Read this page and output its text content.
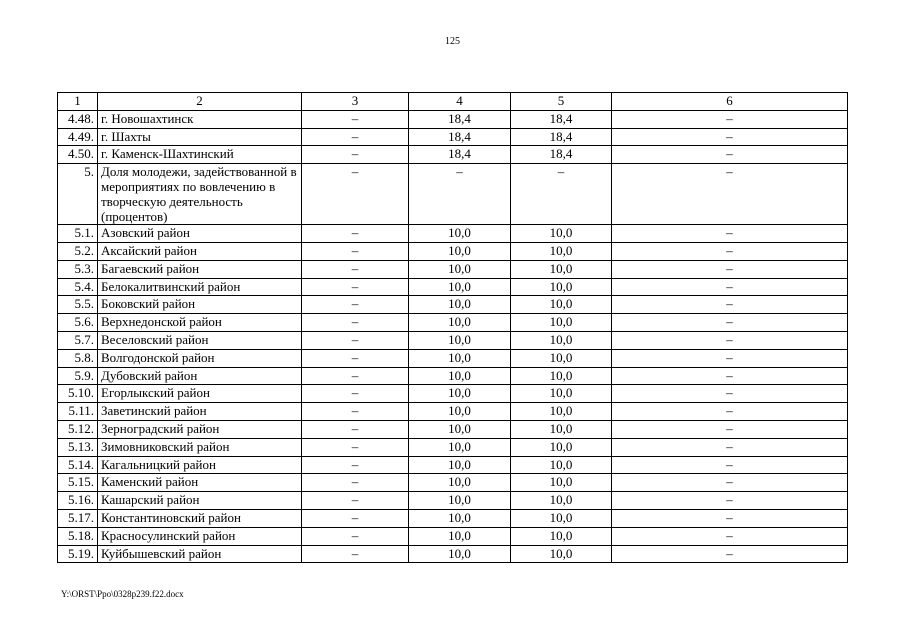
125
1	2	3	4	5	6
4.48.	г. Новошахтинск	–	18,4	18,4	–
4.49.	г. Шахты	–	18,4	18,4	–
4.50.	г. Каменск-Шахтинский	–	18,4	18,4	–
5.	Доля молодежи, задействованной в мероприятиях по вовлечению в творческую деятельность (процентов)	–	–	–	–
5.1.	Азовский район	–	10,0	10,0	–
5.2.	Аксайский район	–	10,0	10,0	–
5.3.	Багаевский район	–	10,0	10,0	–
5.4.	Белокалитвинский район	–	10,0	10,0	–
5.5.	Боковский район	–	10,0	10,0	–
5.6.	Верхнедонской район	–	10,0	10,0	–
5.7.	Веселовский район	–	10,0	10,0	–
5.8.	Волгодонской район	–	10,0	10,0	–
5.9.	Дубовский район	–	10,0	10,0	–
5.10.	Егорлыкский район	–	10,0	10,0	–
5.11.	Заветинский район	–	10,0	10,0	–
5.12.	Зерноградский район	–	10,0	10,0	–
5.13.	Зимовниковский район	–	10,0	10,0	–
5.14.	Кагальницкий район	–	10,0	10,0	–
5.15.	Каменский район	–	10,0	10,0	–
5.16.	Кашарский район	–	10,0	10,0	–
5.17.	Константиновский район	–	10,0	10,0	–
5.18.	Красносулинский район	–	10,0	10,0	–
5.19.	Куйбышевский район	–	10,0	10,0	–
Y:\ORST\Ppo\0328p239.f22.docx
